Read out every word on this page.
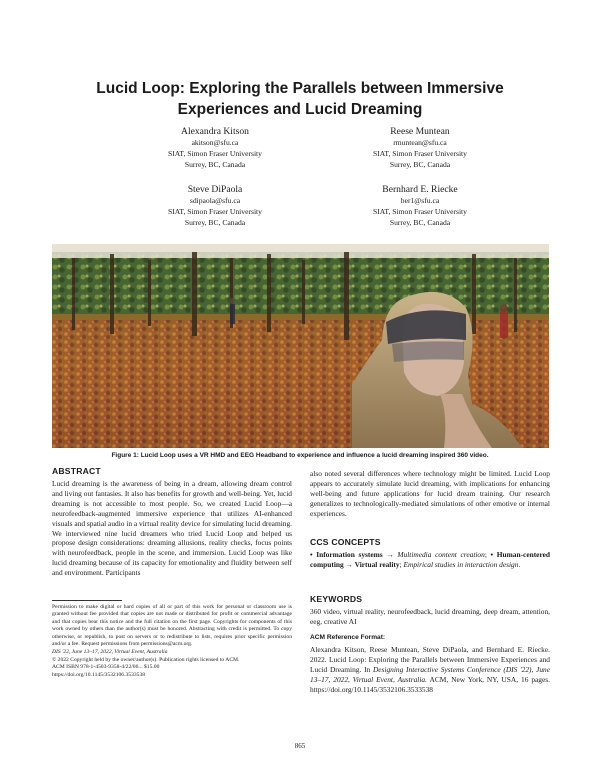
Lucid Loop: Exploring the Parallels between Immersive Experiences and Lucid Dreaming
Alexandra Kitson
akitson@sfu.ca
SIAT, Simon Fraser University
Surrey, BC, Canada
Reese Muntean
rmuntean@sfu.ca
SIAT, Simon Fraser University
Surrey, BC, Canada
Steve DiPaola
sdipaola@sfu.ca
SIAT, Simon Fraser University
Surrey, BC, Canada
Bernhard E. Riecke
ber1@sfu.ca
SIAT, Simon Fraser University
Surrey, BC, Canada
Figure 1: Lucid Loop uses a VR HMD and EEG Headband to experience and influence a lucid dreaming inspired 360 video.
ABSTRACT
Lucid dreaming is the awareness of being in a dream, allowing dream control and living out fantasies. It also has benefits for growth and well-being. Yet, lucid dreaming is not accessible to most people. So, we created Lucid Loop—a neurofeedback-augmented immersive experience that utilizes AI-enhanced visuals and spatial audio in a virtual reality device for simulating lucid dreaming. We interviewed nine lucid dreamers who tried Lucid Loop and helped us propose design considerations: dreaming allusions, reality checks, focus points with neurofeedback, people in the scene, and immersion. Lucid Loop was like lucid dreaming because of its capacity for emotionality and fluidity between self and environment. Participants
Permission to make digital or hard copies of all or part of this work for personal or classroom use is granted without fee provided that copies are not made or distributed for profit or commercial advantage and that copies bear this notice and the full citation on the first page. Copyrights for components of this work owned by others than the author(s) must be honored. Abstracting with credit is permitted. To copy otherwise, or republish, to post on servers or to redistribute to lists, requires prior specific permission and/or a fee. Request permissions from permissions@acm.org.
DIS '22, June 13–17, 2022, Virtual Event, Australia
© 2022 Copyright held by the owner/author(s). Publication rights licensed to ACM.
ACM ISBN 978-1-4503-9358-4/22/06... $15.00
https://doi.org/10.1145/3532106.3533538
also noted several differences where technology might be limited. Lucid Loop appears to accurately simulate lucid dreaming, with implications for enhancing well-being and future applications for lucid dream training. Our research generalizes to technologically-mediated simulations of other emotive or internal experiences.
CCS CONCEPTS
• Information systems → Multimedia content creation; • Human-centered computing → Virtual reality; Empirical studies in interaction design.
KEYWORDS
360 video, virtual reality, neurofeedback, lucid dreaming, deep dream, attention, eeg, creative AI
ACM Reference Format:
Alexandra Kitson, Reese Muntean, Steve DiPaola, and Bernhard E. Riecke. 2022. Lucid Loop: Exploring the Parallels between Immersive Experiences and Lucid Dreaming. In Designing Interactive Systems Conference (DIS '22), June 13–17, 2022, Virtual Event, Australia. ACM, New York, NY, USA, 16 pages. https://doi.org/10.1145/3532106.3533538
865
